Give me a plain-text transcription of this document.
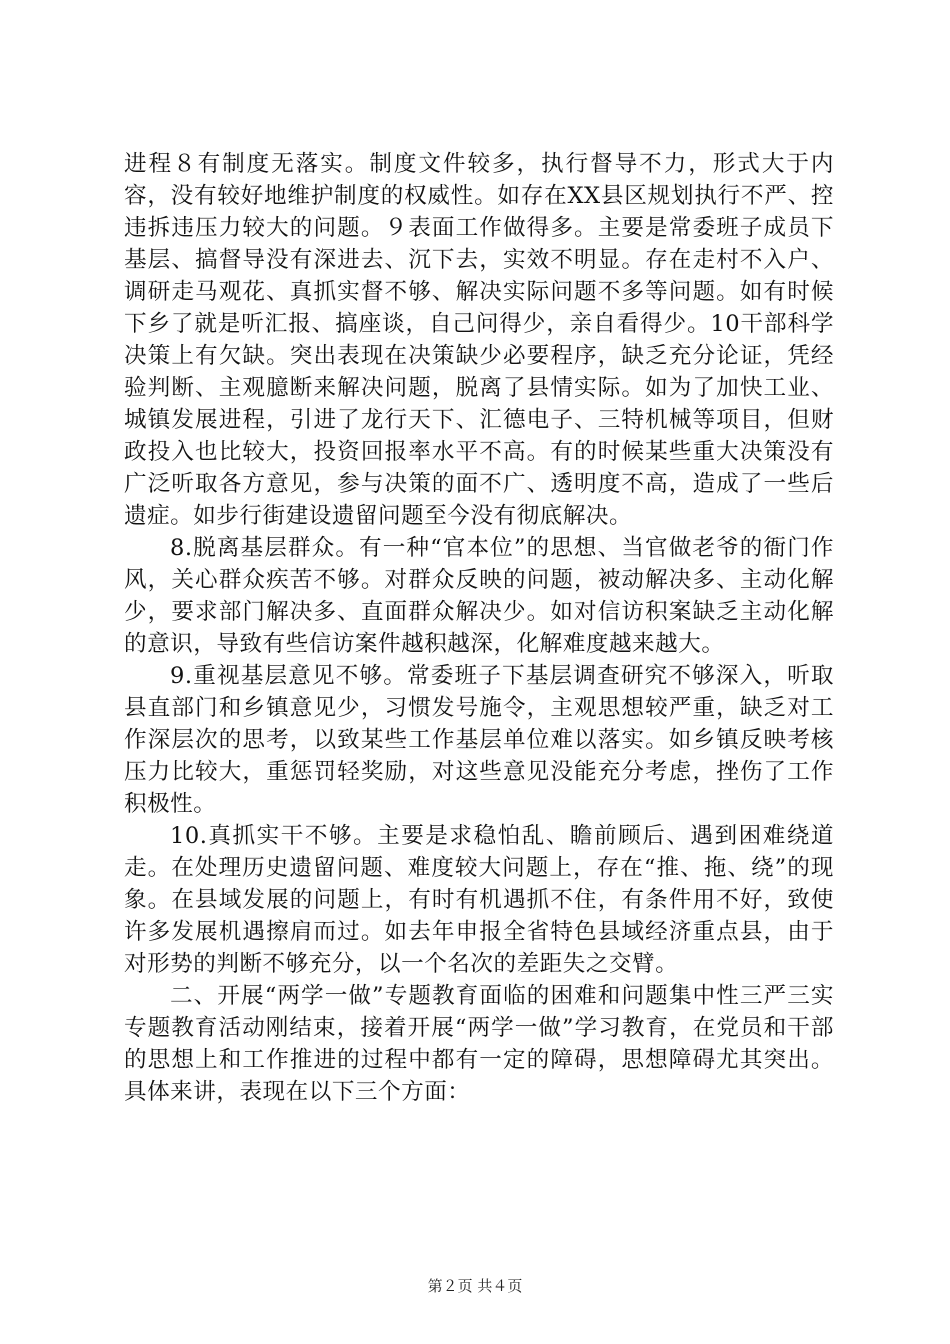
进程８有制度无落实。制度文件较多，执行督导不力，形式大于内容，没有较好地维护制度的权威性。如存在XX县区规划执行不严、控违拆违压力较大的问题。９表面工作做得多。主要是常委班子成员下基层、搞督导没有深进去、沉下去，实效不明显。存在走村不入户、调研走马观花、真抓实督不够、解决实际问题不多等问题。如有时候下乡了就是听汇报、搞座谈，自己问得少，亲自看得少。10干部科学决策上有欠缺。突出表现在决策缺少必要程序，缺乏充分论证，凭经验判断、主观臆断来解决问题，脱离了县情实际。如为了加快工业、城镇发展进程，引进了龙行天下、汇德电子、三特机械等项目，但财政投入也比较大，投资回报率水平不高。有的时候某些重大决策没有广泛听取各方意见，参与决策的面不广、透明度不高，造成了一些后遗症。如步行街建设遗留问题至今没有彻底解决。

8.脱离基层群众。有一种“官本位”的思想、当官做老爷的衙门作风，关心群众疾苦不够。对群众反映的问题，被动解决多、主动化解少，要求部门解决多、直面群众解决少。如对信访积案缺乏主动化解的意识，导致有些信访案件越积越深，化解难度越来越大。

9.重视基层意见不够。常委班子下基层调查研究不够深入，听取县直部门和乡镇意见少，习惯发号施令，主观思想较严重，缺乏对工作深层次的思考，以致某些工作基层单位难以落实。如乡镇反映考核压力比较大，重惩罚轻奖励，对这些意见没能充分考虑，挫伤了工作积极性。

10.真抓实干不够。主要是求稳怕乱、瞻前顾后、遇到困难绕道走。在处理历史遗留问题、难度较大问题上，存在“推、拖、绕”的现象。在县域发展的问题上，有时有机遇抓不住，有条件用不好，致使许多发展机遇擦肩而过。如去年申报全省特色县域经济重点县，由于对形势的判断不够充分，以一个名次的差距失之交臂。

二、开展“两学一做”专题教育面临的困难和问题集中性三严三实专题教育活动刚结束，接着开展“两学一做”学习教育，在党员和干部的思想上和工作推进的过程中都有一定的障碍，思想障碍尤其突出。具体来讲，表现在以下三个方面：

第２页 共４页
